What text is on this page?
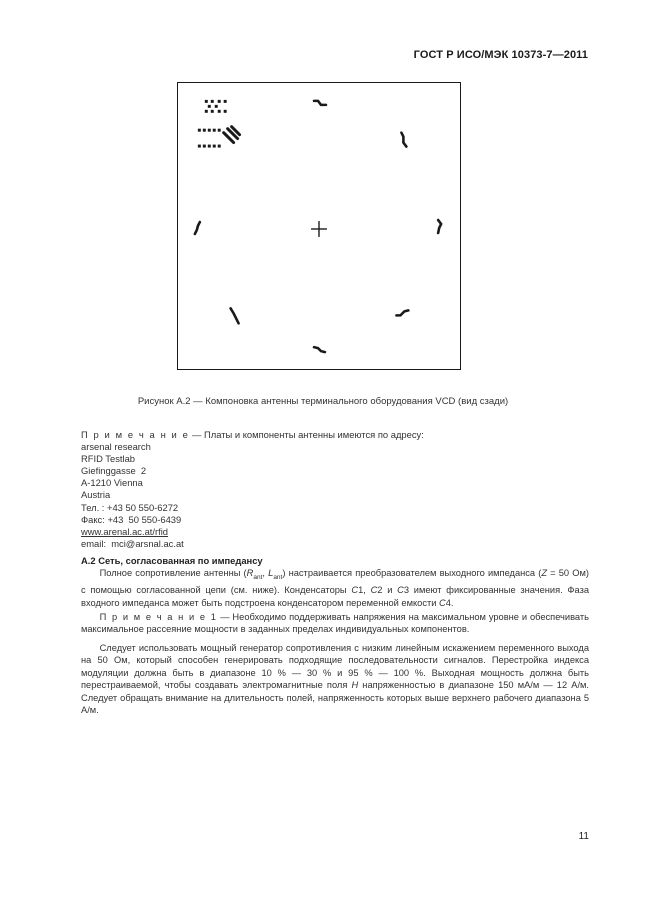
ГОСТ Р ИСО/МЭК 10373-7—2011
Рисунок А.2 — Компоновка антенны терминального оборудования VCD (вид сзади)
П р и м е ч а н и е — Платы и компоненты антенны имеются по адресу:
arsenal research
RFID Testlab
Giefinggasse  2
A-1210 Vienna
Austria
Тел. : +43 50 550-6272
Факс: +43  50 550-6439
www.arenal.ac.at/rfid
email:  mci@arsnal.ac.at
А.2 Сеть, согласованная по импедансу
  Полное сопротивление антенны ($R_{ant}$, $L_{ant}$) настраивается преобразователем выходного импеданса (Z = 50 Ом) с помощью согласованной цепи (см. ниже). Конденсаторы C1, C2 и C3 имеют фиксированные значения. Фаза входного импеданса может быть подстроена конденсатором переменной емкости C4.
  П р и м е ч а н и е 1 — Необходимо поддерживать напряжения на максимальном уровне и обеспечивать максимальное рассеяние мощности в заданных пределах индивидуальных компонентов.
  Следует использовать мощный генератор сопротивления с низким линейным искажением переменного выхода на 50 Ом, который способен генерировать подходящие последовательности сигналов. Перестройка индекса модуляции должна быть в диапазоне 10 % — 30 % и 95 % — 100 %. Выходная мощность должна быть перестраиваемой, чтобы создавать электромагнитные поля H напряженностью в диапазоне 150 мА/м — 12 А/м. Следует обращать внимание на длительность полей, напряженность которых выше верхнего рабочего диапазона 5 А/м.
11
